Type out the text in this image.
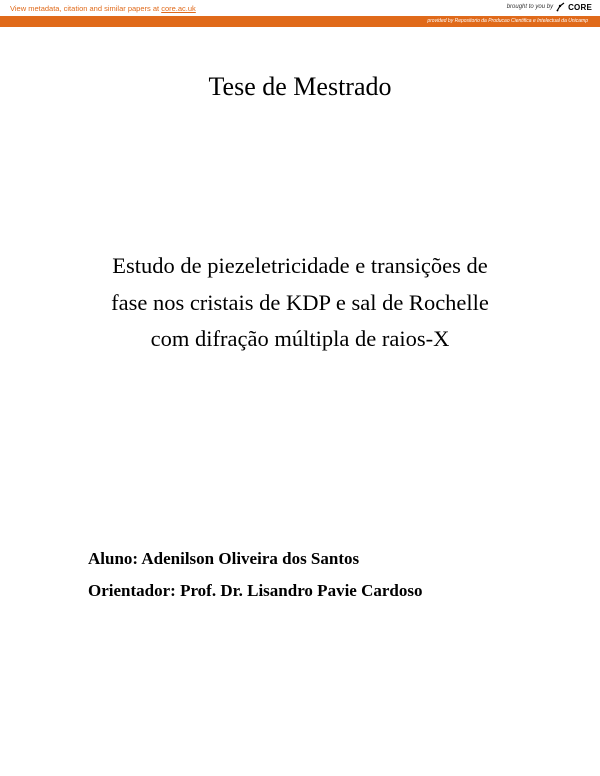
View metadata, citation and similar papers at core.ac.uk	brought to you by CORE
provided by Repositorio da Producao Cientifica e Intelectual da Unicamp
Tese de Mestrado
Estudo de piezeletricidade e transições de
fase nos cristais de KDP e sal de Rochelle
com difração múltipla de raios-X
Aluno: Adenilson Oliveira dos Santos
Orientador: Prof. Dr. Lisandro Pavie Cardoso
